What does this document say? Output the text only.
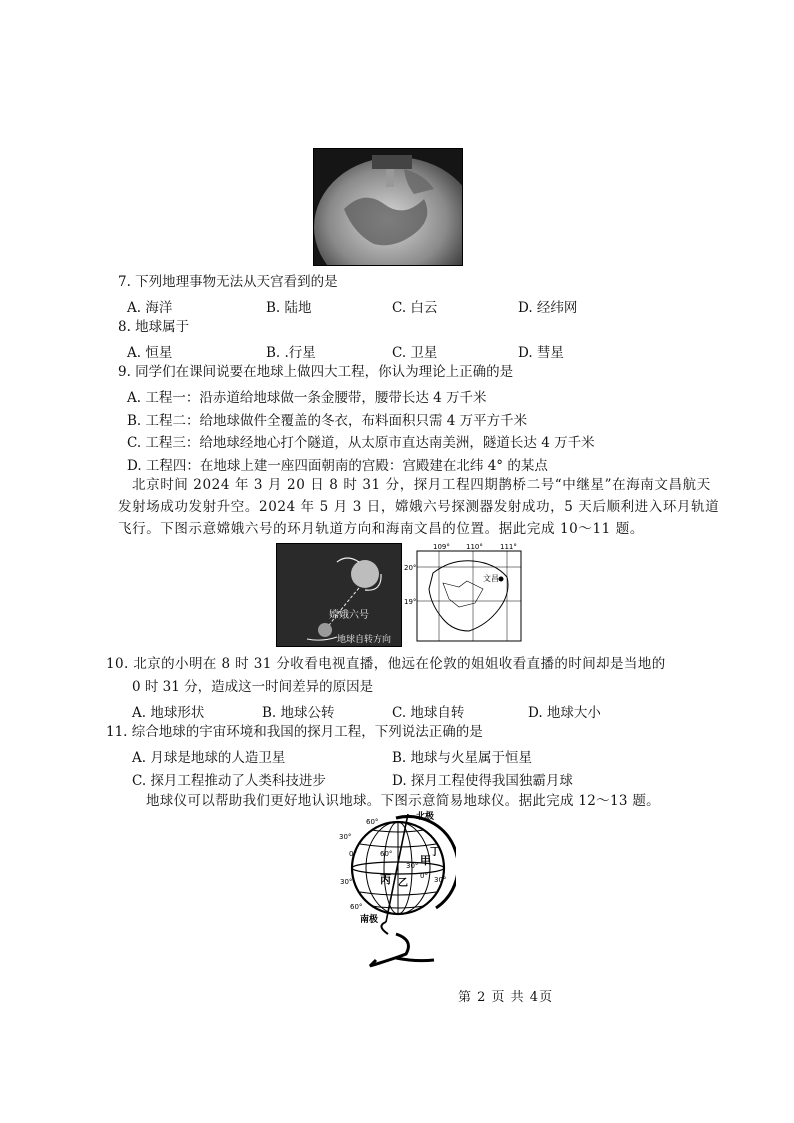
7. 下列地理事物无法从天宫看到的是
A. 海洋	B. 陆地	C. 白云	D. 经纬网
8. 地球属于
A. 恒星	B. .行星	C. 卫星	D. 彗星
9. 同学们在课间说要在地球上做四大工程，你认为理论上正确的是
A. 工程一：沿赤道给地球做一条金腰带，腰带长达 4 万千米
B. 工程二：给地球做件全覆盖的冬衣，布料面积只需 4 万平方千米
C. 工程三：给地球经地心打个隧道，从太原市直达南美洲，隧道长达 4 万千米
D. 工程四：在地球上建一座四面朝南的宫殿：宫殿建在北纬 4° 的某点
北京时间 2024 年 3 月 20 日 8 时 31 分，探月工程四期鹊桥二号“中继星”在海南文昌航天
发射场成功发射升空。2024 年 5 月 3 日，嫦娥六号探测器发射成功，5 天后顺利进入环月轨道
飞行。下图示意嫦娥六号的环月轨道方向和海南文昌的位置。据此完成 10～11 题。
嫦娥六号
地球自转方向
109° 110° 111°
20°
19°
文昌
10. 北京的小明在 8 时 31 分收看电视直播，他远在伦敦的姐姐收看直播的时间却是当地的
0 时 31 分，造成这一时间差异的原因是
A. 地球形状	B. 地球公转	C. 地球自转	D. 地球大小
11. 综合地球的宇宙环境和我国的探月工程，下列说法正确的是
A. 月球是地球的人造卫星	B. 地球与火星属于恒星
C. 探月工程推动了人类科技进步	D. 探月工程使得我国独霸月球
地球仪可以帮助我们更好地认识地球。下图示意简易地球仪。据此完成 12～13 题。
北极
南极
60°
30°
0°
30°
60°
60°
30°
0° 30°
甲
丁
丙 乙
第 2 页 共 4页
